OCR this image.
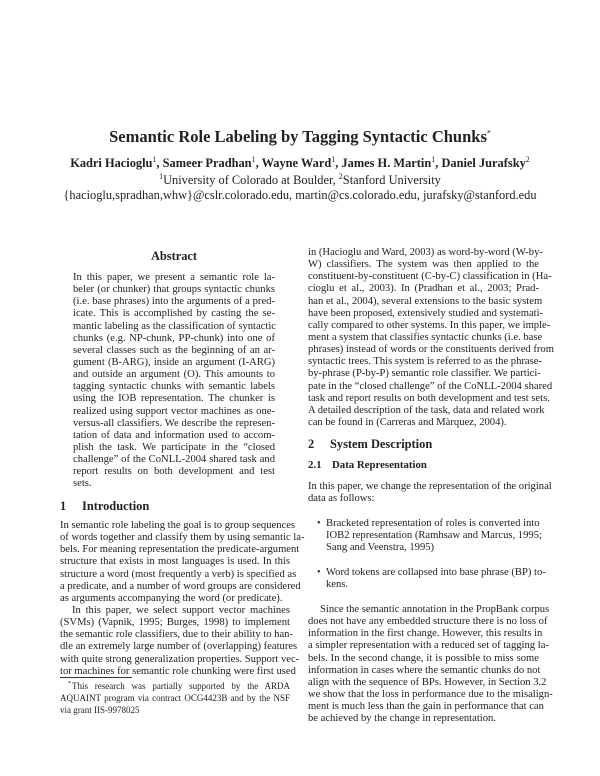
Semantic Role Labeling by Tagging Syntactic Chunks*
Kadri Hacioglu$^1$, Sameer Pradhan$^1$, Wayne Ward$^1$, James H. Martin$^1$, Daniel Jurafsky$^2$
$^1$University of Colorado at Boulder, $^2$Stanford University
{hacioglu,spradhan,whw}@cslr.colorado.edu, martin@cs.colorado.edu, jurafsky@stanford.edu
Abstract
In this paper, we present a semantic role la-
beler (or chunker) that groups syntactic chunks
(i.e. base phrases) into the arguments of a pred-
icate. This is accomplished by casting the se-
mantic labeling as the classification of syntactic
chunks (e.g. NP-chunk, PP-chunk) into one of
several classes such as the beginning of an ar-
gument (B-ARG), inside an argument (I-ARG)
and outside an argument (O). This amounts to
tagging syntactic chunks with semantic labels
using the IOB representation. The chunker is
realized using support vector machines as one-
versus-all classifiers. We describe the represen-
tation of data and information used to accom-
plish the task. We participate in the “closed
challenge” of the CoNLL-2004 shared task and
report results on both development and test
sets.
1 Introduction
In semantic role labeling the goal is to group sequences
of words together and classify them by using semantic la-
bels. For meaning representation the predicate-argument
structure that exists in most languages is used. In this
structure a word (most frequently a verb) is specified as
a predicate, and a number of word groups are considered
as arguments accompanying the word (or predicate).
In this paper, we select support vector machines
(SVMs) (Vapnik, 1995; Burges, 1998) to implement
the semantic role classifiers, due to their ability to han-
dle an extremely large number of (overlapping) features
with quite strong generalization properties. Support vec-
tor machines for semantic role chunking were first used
* This research was partially supported by the ARDA
AQUAINT program via contract OCG4423B and by the NSF
via grant IIS-9978025
in (Hacioglu and Ward, 2003) as word-by-word (W-by-
W) classifiers. The system was then applied to the
constituent-by-constituent (C-by-C) classification in (Ha-
cioglu et al., 2003). In (Pradhan et al., 2003; Prad-
han et al., 2004), several extensions to the basic system
have been proposed, extensively studied and systemati-
cally compared to other systems. In this paper, we imple-
ment a system that classifies syntactic chunks (i.e. base
phrases) instead of words or the constituents derived from
syntactic trees. This system is referred to as the phrase-
by-phrase (P-by-P) semantic role classifier. We partici-
pate in the “closed challenge” of the CoNLL-2004 shared
task and report results on both development and test sets.
A detailed description of the task, data and related work
can be found in (Carreras and Màrquez, 2004).
2 System Description
2.1 Data Representation
In this paper, we change the representation of the original
data as follows:
• Bracketed representation of roles is converted into
IOB2 representation (Ramhsaw and Marcus, 1995;
Sang and Veenstra, 1995)
• Word tokens are collapsed into base phrase (BP) to-
kens.
Since the semantic annotation in the PropBank corpus
does not have any embedded structure there is no loss of
information in the first change. However, this results in
a simpler representation with a reduced set of tagging la-
bels. In the second change, it is possible to miss some
information in cases where the semantic chunks do not
align with the sequence of BPs. However, in Section 3.2
we show that the loss in performance due to the misalign-
ment is much less than the gain in performance that can
be achieved by the change in representation.
